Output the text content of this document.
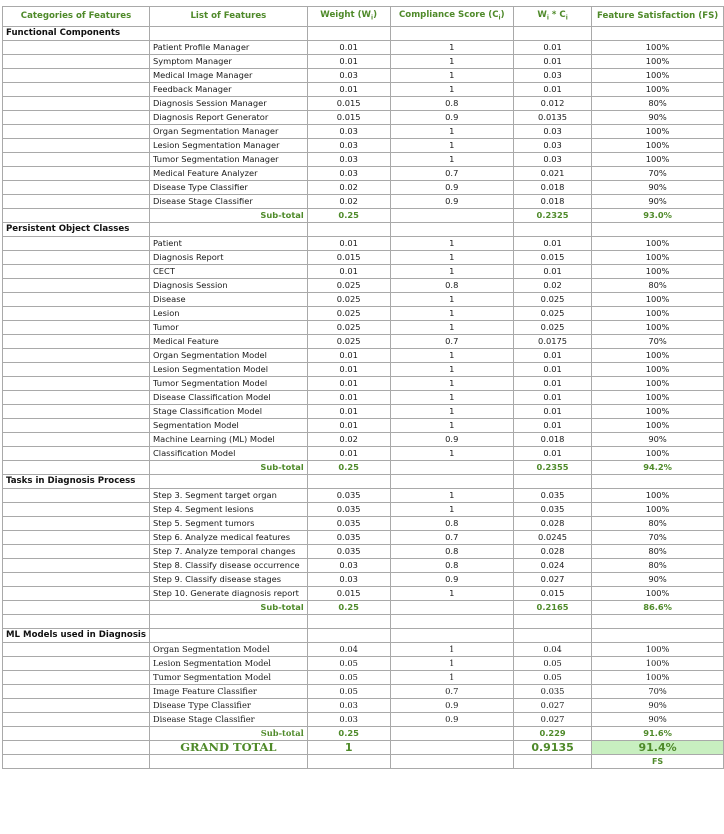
Categories of Features	List of Features	Weight $(W_i)$	Compliance Score $(C_i)$	$W_i * C_i$	Feature Satisfaction (FS)
Functional Components					
	Patient Profile Manager	0.01	1	0.01	100%
	Symptom Manager	0.01	1	0.01	100%
	Medical Image Manager	0.03	1	0.03	100%
	Feedback Manager	0.01	1	0.01	100%
	Diagnosis Session Manager	0.015	0.8	0.012	80%
	Diagnosis Report Generator	0.015	0.9	0.0135	90%
	Organ Segmentation Manager	0.03	1	0.03	100%
	Lesion Segmentation Manager	0.03	1	0.03	100%
	Tumor Segmentation Manager	0.03	1	0.03	100%
	Medical Feature Analyzer	0.03	0.7	0.021	70%
	Disease Type Classifier	0.02	0.9	0.018	90%
	Disease Stage Classifier	0.02	0.9	0.018	90%
	Sub-total	0.25		0.2325	93.0%
Persistent Object Classes					
	Patient	0.01	1	0.01	100%
	Diagnosis Report	0.015	1	0.015	100%
	CECT	0.01	1	0.01	100%
	Diagnosis Session	0.025	0.8	0.02	80%
	Disease	0.025	1	0.025	100%
	Lesion	0.025	1	0.025	100%
	Tumor	0.025	1	0.025	100%
	Medical Feature	0.025	0.7	0.0175	70%
	Organ Segmentation Model	0.01	1	0.01	100%
	Lesion Segmentation Model	0.01	1	0.01	100%
	Tumor Segmentation Model	0.01	1	0.01	100%
	Disease Classification Model	0.01	1	0.01	100%
	Stage Classification Model	0.01	1	0.01	100%
	Segmentation Model	0.01	1	0.01	100%
	Machine Learning (ML) Model	0.02	0.9	0.018	90%
	Classification Model	0.01	1	0.01	100%
	Sub-total	0.25		0.2355	94.2%
Tasks in Diagnosis Process					
	Step 3. Segment target organ	0.035	1	0.035	100%
	Step 4. Segment lesions	0.035	1	0.035	100%
	Step 5. Segment tumors	0.035	0.8	0.028	80%
	Step 6. Analyze medical features	0.035	0.7	0.0245	70%
	Step 7. Analyze temporal changes	0.035	0.8	0.028	80%
	Step 8. Classify disease occurrence	0.03	0.8	0.024	80%
	Step 9. Classify disease stages	0.03	0.9	0.027	90%
	Step 10. Generate diagnosis report	0.015	1	0.015	100%
	Sub-total	0.25		0.2165	86.6%

ML Models used in Diagnosis					
	Organ Segmentation Model	0.04	1	0.04	100%
	Lesion Segmentation Model	0.05	1	0.05	100%
	Tumor Segmentation Model	0.05	1	0.05	100%
	Image Feature Classifier	0.05	0.7	0.035	70%
	Disease Type Classifier	0.03	0.9	0.027	90%
	Disease Stage Classifier	0.03	0.9	0.027	90%
	Sub-total	0.25		0.229	91.6%
	GRAND TOTAL	1		0.9135	91.4%
					FS
